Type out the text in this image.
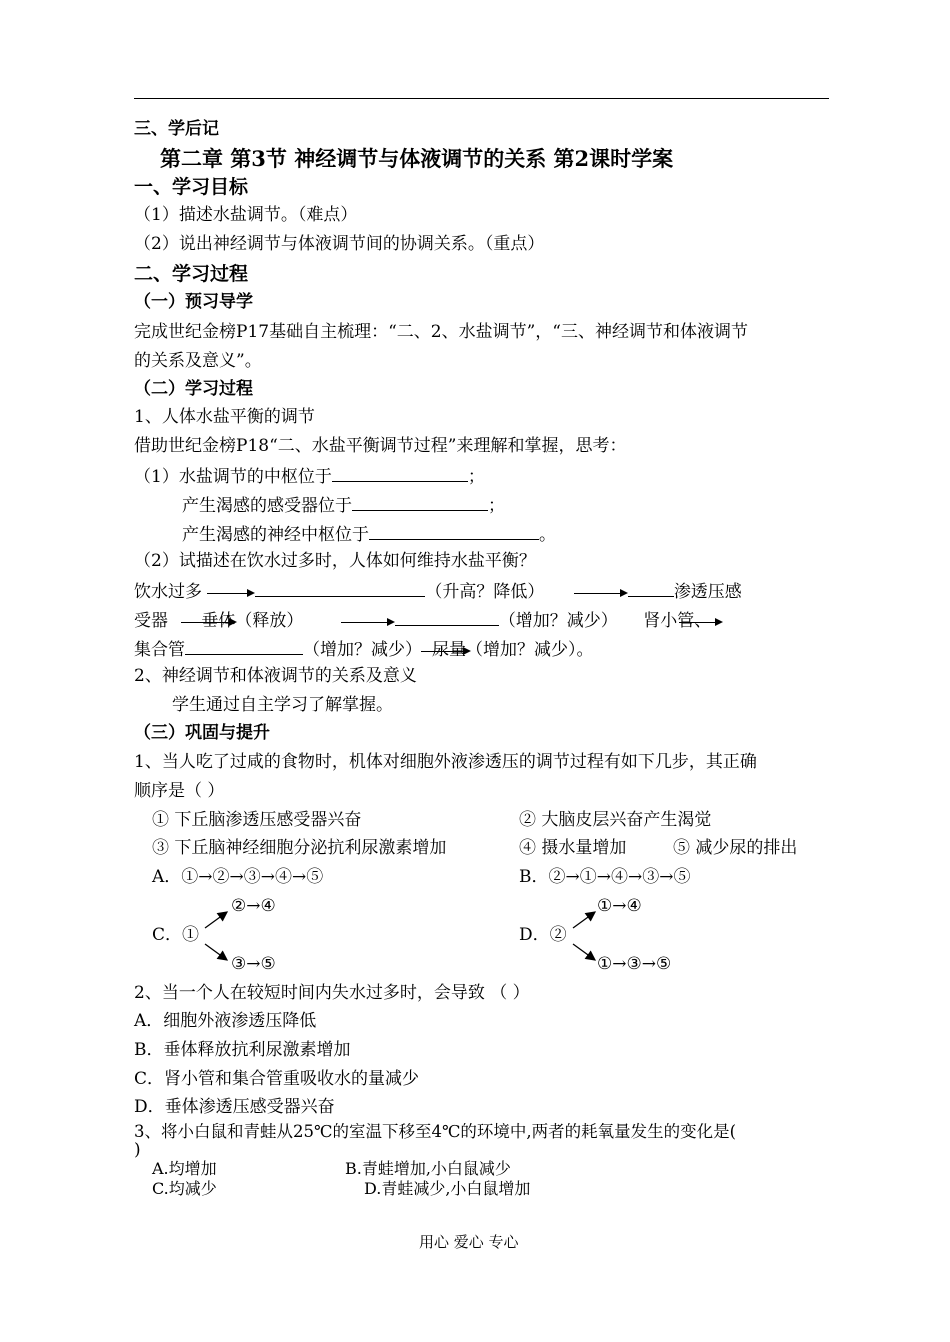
三、学后记
第二章 第3节 神经调节与体液调节的关系 第2课时学案
一、学习目标
（1）描述水盐调节。（难点）
（2）说出神经调节与体液调节间的协调关系。（重点）
二、学习过程
（一）预习导学
完成世纪金榜P17基础自主梳理：“二、2、水盐调节”，“三、神经调节和体液调节
的关系及意义”。
（二）学习过程
1、人体水盐平衡的调节
借助世纪金榜P18“二、水盐平衡调节过程”来理解和掌握，思考：
（1）水盐调节的中枢位于	；
产生渴感的感受器位于	；
产生渴感的神经中枢位于	。
（2）试描述在饮水过多时，人体如何维持水盐平衡？
饮水过多	（升高？降低）	渗透压感
受器 垂体（释放）	（增加？减少） 肾小管、
集合管	（增加？减少） 尿量（增加？减少）。
2、神经调节和体液调节的关系及意义
学生通过自主学习了解掌握。
（三）巩固与提升
1、当人吃了过咸的食物时，机体对细胞外液渗透压的调节过程有如下几步，其正确
顺序是（ ）
① 下丘脑渗透压感受器兴奋	② 大脑皮层兴奋产生渴觉
③ 下丘脑神经细胞分泌抗利尿激素增加	④ 摄水量增加	⑤ 减少尿的排出
A．①→②→③→④→⑤	B．②→①→④→③→⑤
②→④
C．①
③→⑤
①→④
D．②
①→③→⑤
2、当一个人在较短时间内失水过多时，会导致 （ ）
A．细胞外液渗透压降低
B．垂体释放抗利尿激素增加
C．肾小管和集合管重吸收水的量减少
D．垂体渗透压感受器兴奋
3、将小白鼠和青蛙从25℃的室温下移至4℃的环境中,两者的耗氧量发生的变化是(
)
A.均增加	B.青蛙增加,小白鼠减少
C.均减少	D.青蛙减少,小白鼠增加
用心 爱心 专心
